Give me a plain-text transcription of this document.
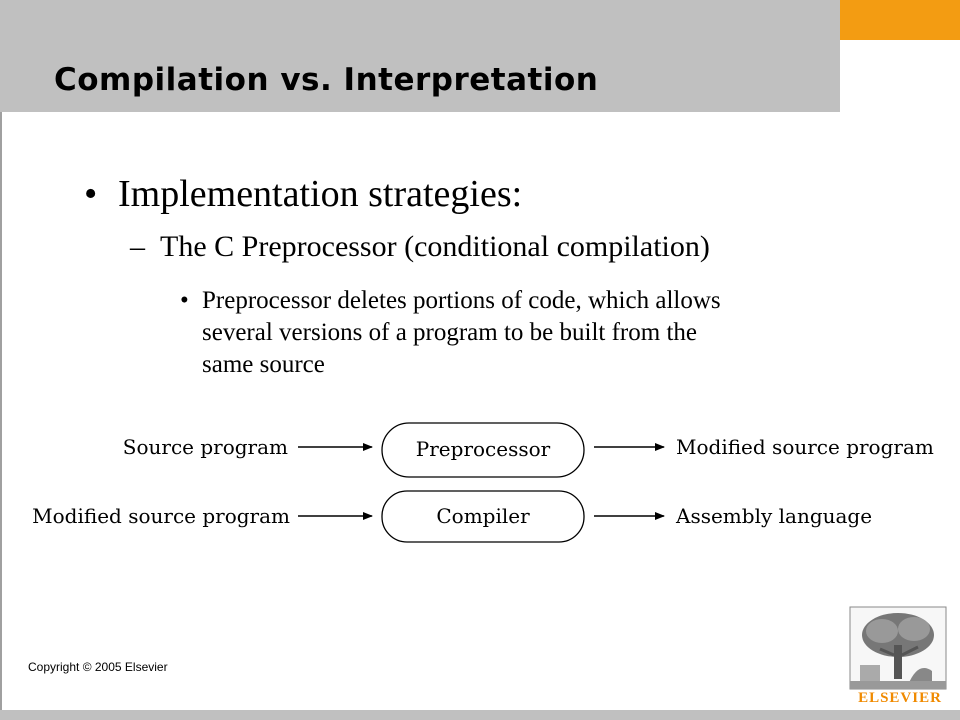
Compilation vs. Interpretation
• Implementation strategies:
– The C Preprocessor (conditional compilation)
• Preprocessor deletes portions of code, which allows
several versions of a program to be built from the
same source
Source program	Preprocessor	Modified source program
Modified source program	Compiler	Assembly language
Copyright © 2005 Elsevier
ELSEVIER
